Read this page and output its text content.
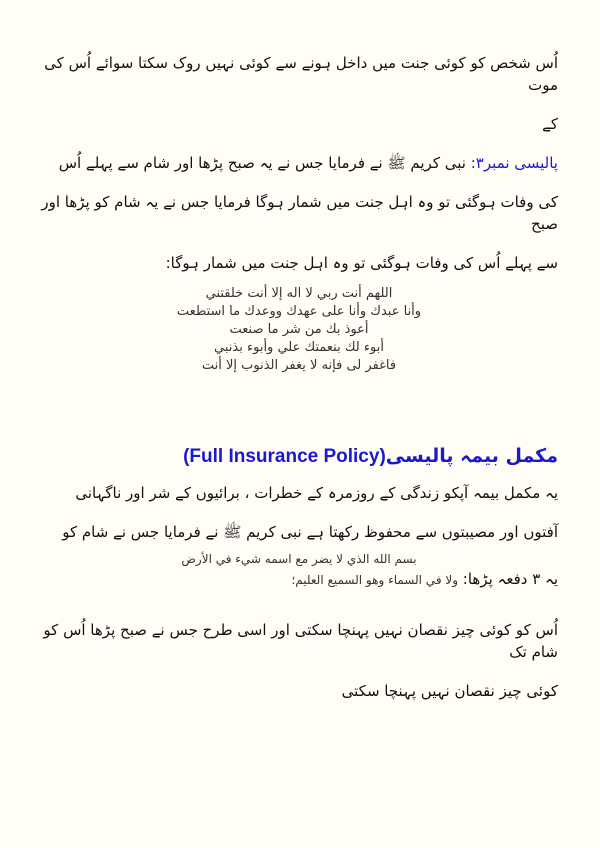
اُس شخص کو کوئی جنت میں داخل ہونے سے کوئی نہیں روک سکتا سوائے اُس کی موت
کے
پالیسی نمبر۳: نبی کریم ﷺ نے فرمایا جس نے یہ صبح پڑھا اور شام سے پہلے اُس
کی وفات ہوگئی تو وہ اہل جنت میں شمار ہوگا فرمایا جس نے یہ شام کو پڑھا اور صبح
سے پہلے اُس کی وفات ہوگئی تو وہ اہل جنت میں شمار ہوگا:
اللهم أنت ربي لا اله إلا أنت خلقتني
وأنا عبدك وأنا على عهدك ووعدك ما استطعت
أعوذ بك من شر ما صنعت
أبوء لك بنعمتك علي وأبوء بذنبي
فاغفر لى فإنه لا يغفر الذنوب إلا أنت
مکمل بیمہ پالیسی(Full Insurance Policy)
یہ مکمل بیمہ آپکو زندگی کے روزمرہ کے خطرات ، برائیوں کے شر اور ناگہانی
آفتوں اور مصیبتوں سے محفوظ رکھتا ہے نبی کریم ﷺ نے فرمایا جس نے شام کو
بسم الله الذي لا يضر مع اسمه شيء في الأرض
یہ ۳ دفعہ پڑھا: ولا في السماء وهو السميع العليم؛
اُس کو کوئی چیز نقصان نہیں پہنچا سکتی اور اسی طرح جس نے صبح پڑھا اُس کو شام تک
کوئی چیز نقصان نہیں پہنچا سکتی
